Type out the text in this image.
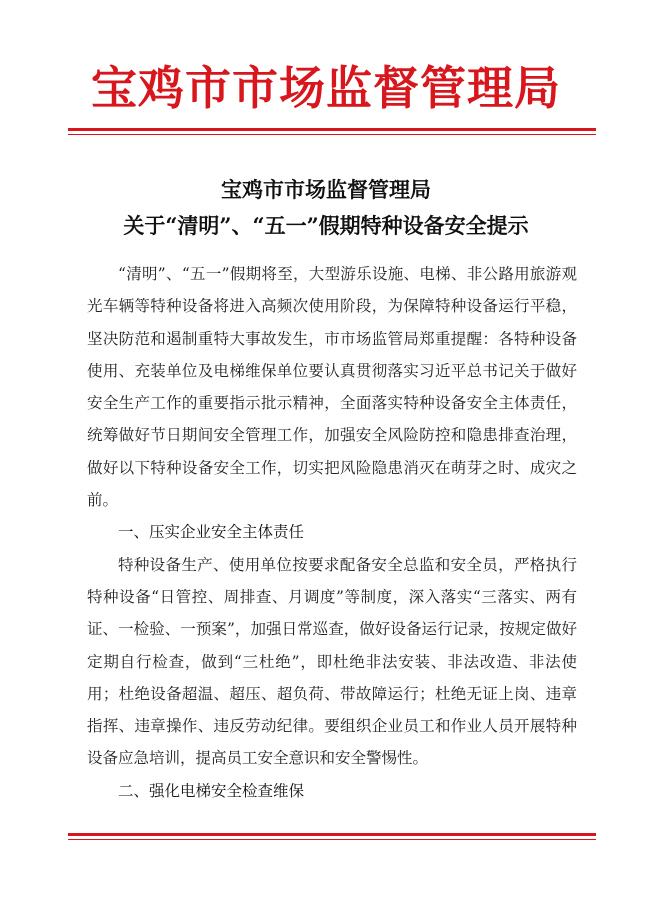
宝鸡市市场监督管理局
宝鸡市市场监督管理局
关于“清明”、“五一”假期特种设备安全提示

“清明”、“五一”假期将至，大型游乐设施、电梯、非公路用旅游观光车辆等特种设备将进入高频次使用阶段，为保障特种设备运行平稳，坚决防范和遏制重特大事故发生，市市场监管局郑重提醒：各特种设备使用、充装单位及电梯维保单位要认真贯彻落实习近平总书记关于做好安全生产工作的重要指示批示精神，全面落实特种设备安全主体责任，统筹做好节日期间安全管理工作，加强安全风险防控和隐患排查治理，做好以下特种设备安全工作，切实把风险隐患消灭在萌芽之时、成灾之前。

一、压实企业安全主体责任

特种设备生产、使用单位按要求配备安全总监和安全员，严格执行特种设备“日管控、周排查、月调度”等制度，深入落实“三落实、两有证、一检验、一预案”，加强日常巡查，做好设备运行记录，按规定做好定期自行检查，做到“三杜绝”，即杜绝非法安装、非法改造、非法使用；杜绝设备超温、超压、超负荷、带故障运行；杜绝无证上岗、违章指挥、违章操作、违反劳动纪律。要组织企业员工和作业人员开展特种设备应急培训，提高员工安全意识和安全警惕性。

二、强化电梯安全检查维保
